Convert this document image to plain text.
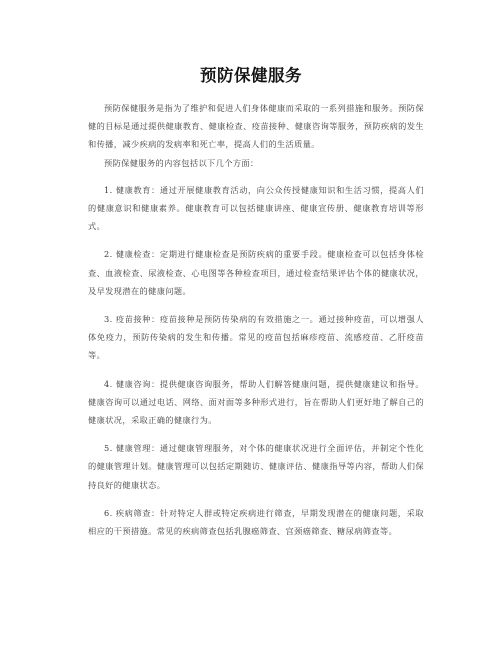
预防保健服务

预防保健服务是指为了维护和促进人们身体健康而采取的一系列措施和服务。预防保健的目标是通过提供健康教育、健康检查、疫苗接种、健康咨询等服务，预防疾病的发生和传播，减少疾病的发病率和死亡率，提高人们的生活质量。

预防保健服务的内容包括以下几个方面：

1. 健康教育：通过开展健康教育活动，向公众传授健康知识和生活习惯，提高人们的健康意识和健康素养。健康教育可以包括健康讲座、健康宣传册、健康教育培训等形式。

2. 健康检查：定期进行健康检查是预防疾病的重要手段。健康检查可以包括身体检查、血液检查、尿液检查、心电图等各种检查项目，通过检查结果评估个体的健康状况，及早发现潜在的健康问题。

3. 疫苗接种：疫苗接种是预防传染病的有效措施之一。通过接种疫苗，可以增强人体免疫力，预防传染病的发生和传播。常见的疫苗包括麻疹疫苗、流感疫苗、乙肝疫苗等。

4. 健康咨询：提供健康咨询服务，帮助人们解答健康问题，提供健康建议和指导。健康咨询可以通过电话、网络、面对面等多种形式进行，旨在帮助人们更好地了解自己的健康状况，采取正确的健康行为。

5. 健康管理：通过健康管理服务，对个体的健康状况进行全面评估，并制定个性化的健康管理计划。健康管理可以包括定期随访、健康评估、健康指导等内容，帮助人们保持良好的健康状态。

6. 疾病筛查：针对特定人群或特定疾病进行筛查，早期发现潜在的健康问题，采取相应的干预措施。常见的疾病筛查包括乳腺癌筛查、宫颈癌筛查、糖尿病筛查等。
